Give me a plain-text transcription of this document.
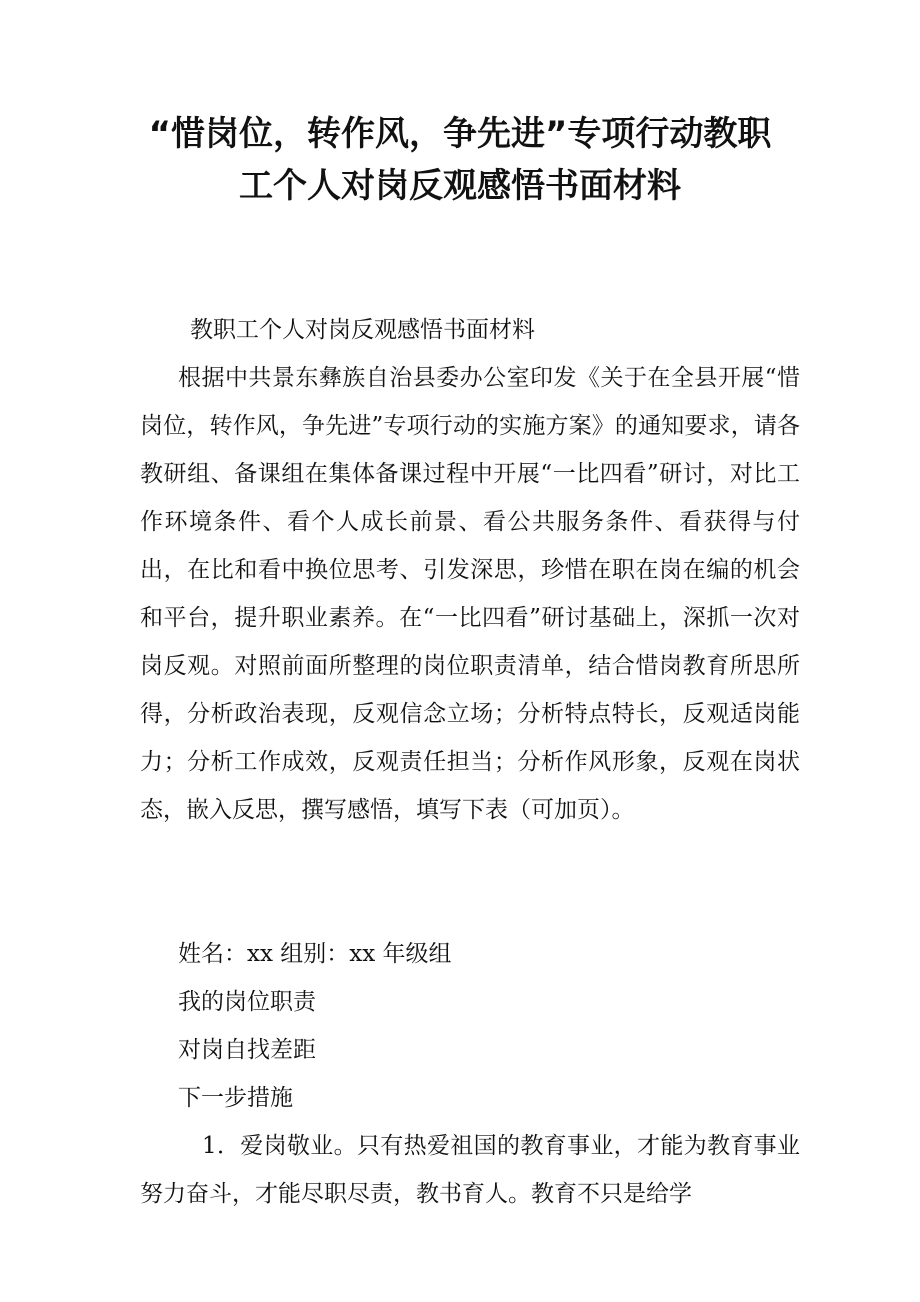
“惜岗位，转作风，争先进”专项行动教职
工个人对岗反观感悟书面材料

教职工个人对岗反观感悟书面材料

根据中共景东彝族自治县委办公室印发《关于在全县开展“惜岗位，转作风，争先进”专项行动的实施方案》的通知要求，请各教研组、备课组在集体备课过程中开展“一比四看”研讨，对比工作环境条件、看个人成长前景、看公共服务条件、看获得与付出，在比和看中换位思考、引发深思，珍惜在职在岗在编的机会和平台，提升职业素养。在“一比四看”研讨基础上，深抓一次对岗反观。对照前面所整理的岗位职责清单，结合惜岗教育所思所得，分析政治表现，反观信念立场；分析特点特长，反观适岗能力；分析工作成效，反观责任担当；分析作风形象，反观在岗状态，嵌入反思，撰写感悟，填写下表（可加页）。

姓名：xx 组别：xx 年级组

我的岗位职责

对岗自找差距

下一步措施

1．爱岗敬业。只有热爱祖国的教育事业，才能为教育事业努力奋斗，才能尽职尽责，教书育人。教育不只是给学
